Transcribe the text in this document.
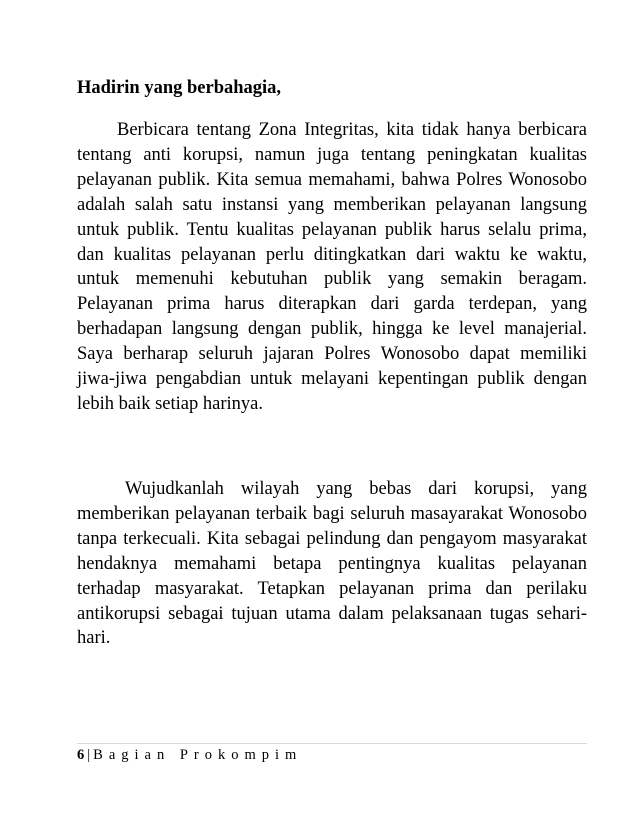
Hadirin yang berbahagia,

Berbicara tentang Zona Integritas, kita tidak hanya berbicara tentang anti korupsi, namun juga tentang peningkatan kualitas pelayanan publik. Kita semua memahami, bahwa Polres Wonosobo adalah salah satu instansi yang memberikan pelayanan langsung untuk publik. Tentu kualitas pelayanan publik harus selalu prima, dan kualitas pelayanan perlu ditingkatkan dari waktu ke waktu, untuk memenuhi kebutuhan publik yang semakin beragam. Pelayanan prima harus diterapkan dari garda terdepan, yang berhadapan langsung dengan publik, hingga ke level manajerial. Saya berharap seluruh jajaran Polres Wonosobo dapat memiliki jiwa-jiwa pengabdian untuk melayani kepentingan publik dengan lebih baik setiap harinya.

Wujudkanlah wilayah yang bebas dari korupsi, yang memberikan pelayanan terbaik bagi seluruh masayarakat Wonosobo tanpa terkecuali. Kita sebagai pelindung dan pengayom masyarakat hendaknya memahami betapa pentingnya kualitas pelayanan terhadap masyarakat. Tetapkan pelayanan prima dan perilaku antikorupsi sebagai tujuan utama dalam pelaksanaan tugas sehari-hari.

6 | Bagian Prokompim
